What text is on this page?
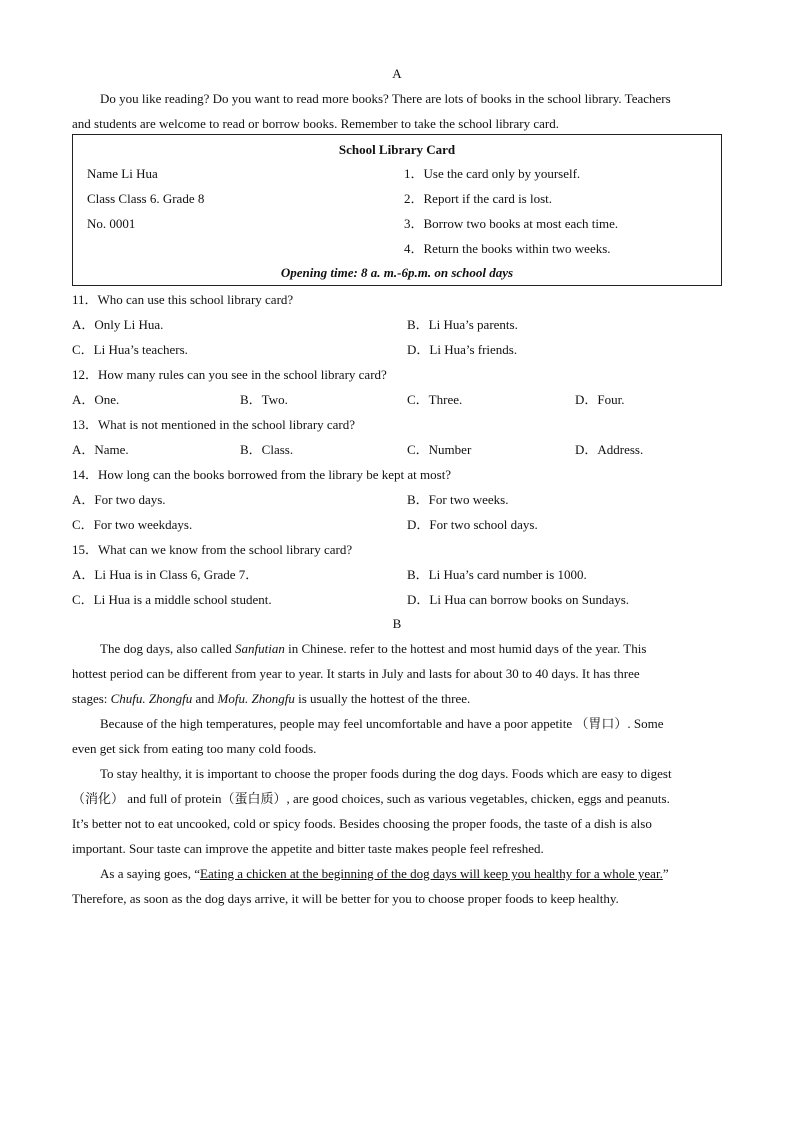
A
Do you like reading? Do you want to read more books? There are lots of books in the school library. Teachers
and students are welcome to read or borrow books. Remember to take the school library card.
School Library Card
Name Li Hua
Class Class 6. Grade 8
No. 0001
1．Use the card only by yourself.
2．Report if the card is lost.
3．Borrow two books at most each time.
4．Return the books within two weeks.
Opening time: 8 a. m.-6p.m. on school days
11．Who can use this school library card?
A．Only Li Hua.	B．Li Hua’s parents.
C．Li Hua’s teachers.	D．Li Hua’s friends.
12．How many rules can you see in the school library card?
A．One.	B．Two.	C．Three.	D．Four.
13．What is not mentioned in the school library card?
A．Name.	B．Class.	C．Number	D．Address.
14．How long can the books borrowed from the library be kept at most?
A．For two days.	B．For two weeks.
C．For two weekdays.	D．For two school days.
15．What can we know from the school library card?
A．Li Hua is in Class 6, Grade 7．	B．Li Hua’s card number is 1000.
C．Li Hua is a middle school student.	D．Li Hua can borrow books on Sundays.
B
The dog days, also called Sanfutian in Chinese. refer to the hottest and most humid days of the year. This
hottest period can be different from year to year. It starts in July and lasts for about 30 to 40 days. It has three
stages: Chufu. Zhongfu and Mofu. Zhongfu is usually the hottest of the three.
Because of the high temperatures, people may feel uncomfortable and have a poor appetite （胃口）. Some
even get sick from eating too many cold foods.
To stay healthy, it is important to choose the proper foods during the dog days. Foods which are easy to digest
（消化） and full of protein（蛋白质）, are good choices, such as various vegetables, chicken, eggs and peanuts.
It’s better not to eat uncooked, cold or spicy foods. Besides choosing the proper foods, the taste of a dish is also
important. Sour taste can improve the appetite and bitter taste makes people feel refreshed.
As a saying goes, “Eating a chicken at the beginning of the dog days will keep you healthy for a whole year.”
Therefore, as soon as the dog days arrive, it will be better for you to choose proper foods to keep healthy.
